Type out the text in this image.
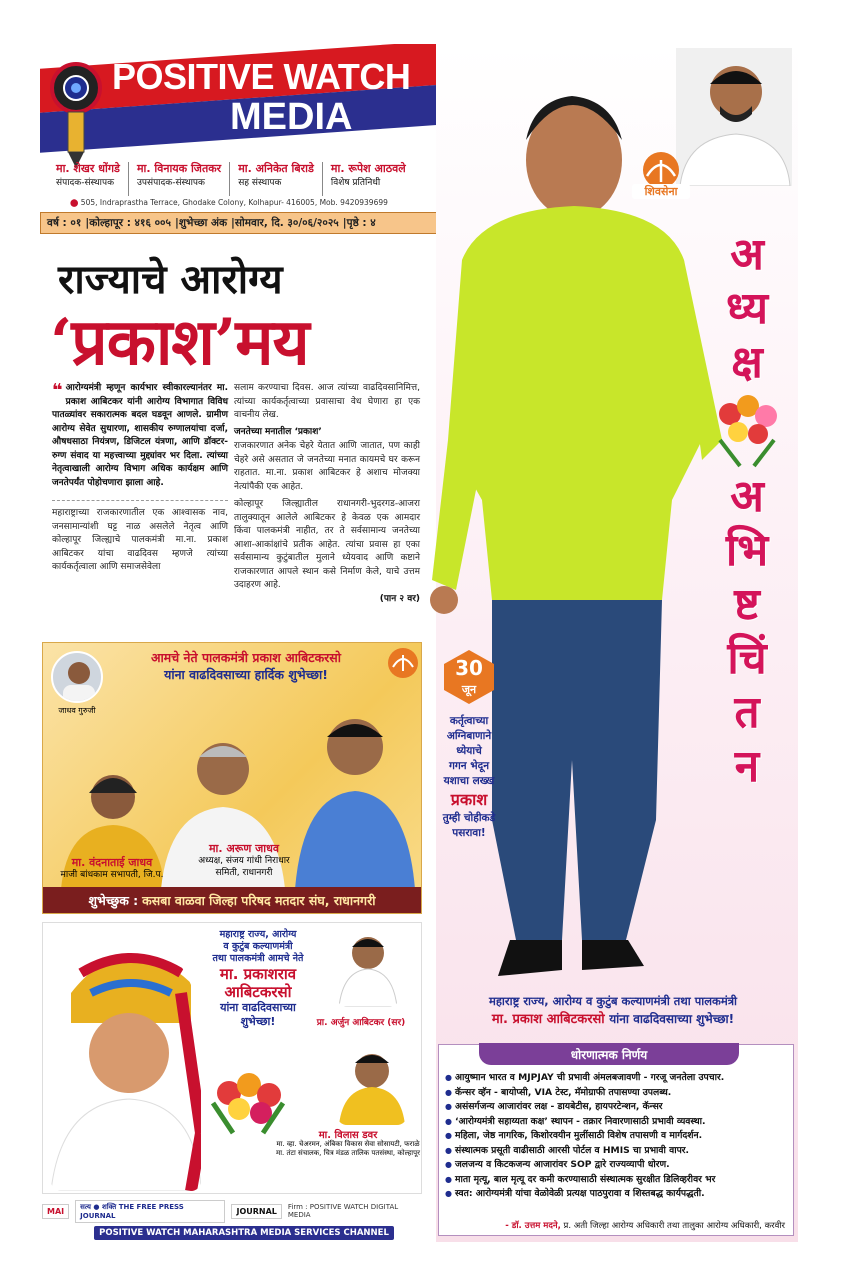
POSITIVE WATCH
MEDIA
मा. शेखर धोंगडे
संपादक-संस्थापक
मा. विनायक जितकर
उपसंपादक-संस्थापक
मा. अनिकेत बिराडे
सह संस्थापक
मा. रूपेश आठवले
विशेष प्रतिनिधी
⬤ 505, Indraprastha Terrace, Ghodake Colony, Kolhapur- 416005, Mob. 9420939699
वर्ष : ०१ | कोल्हापूर : ४१६ ००५ | शुभेच्छा अंक | सोमवार, दि. ३०/०६/२०२५ | पृष्ठे : ४
राज्याचे आरोग्य
‘प्रकाश’मय
❝ आरोग्यमंत्री म्हणून कार्यभार स्वीकारल्यानंतर मा. प्रकाश आबिटकर यांनी आरोग्य विभागात विविध पातळ्यांवर सकारात्मक बदल घडवून आणले. ग्रामीण आरोग्य सेवेत सुधारणा, शासकीय रुग्णालयांचा दर्जा, औषधसाठा नियंत्रण, डिजिटल यंत्रणा, आणि डॉक्टर-रुग्ण संवाद या महत्त्वाच्या मुद्द्यांवर भर दिला. त्यांच्या नेतृत्वाखाली आरोग्य विभाग अधिक कार्यक्षम आणि जनतेपर्यंत पोहोचणारा झाला आहे.
महाराष्ट्राच्या राजकारणातील एक आश्वासक नाव, जनसामान्यांशी घट्ट नाळ असलेले नेतृत्व आणि कोल्हापूर जिल्ह्याचे पालकमंत्री मा.ना. प्रकाश आबिटकर यांचा वाढदिवस म्हणजे त्यांच्या कार्यकर्तृत्वाला आणि समाजसेवेला
सलाम करण्याचा दिवस. आज त्यांच्या वाढदिवसानिमित्त, त्यांच्या कार्यकर्तृत्वाच्या प्रवासाचा वेध घेणारा हा एक वाचनीय लेख.
जनतेच्या मनातील ‘प्रकाश’
राजकारणात अनेक चेहरे येतात आणि जातात, पण काही चेहरे असे असतात जे जनतेच्या मनात कायमचे घर करून राहतात. मा.ना. प्रकाश आबिटकर हे अशाच मोजक्या नेत्यांपैकी एक आहेत.
कोल्हापूर जिल्ह्यातील राधानगरी-भुदरगड-आजरा तालुक्यातून आलेले आबिटकर हे केवळ एक आमदार किंवा पालकमंत्री नाहीत, तर ते सर्वसामान्य जनतेच्या आशा-आकांक्षांचे प्रतीक आहेत. त्यांचा प्रवास हा एका सर्वसामान्य कुटुंबातील मुलाने ध्येयवाद आणि कष्टाने राजकारणात आपले स्थान कसे निर्माण केले, याचे उत्तम उदाहरण आहे.
(पान २ वर)
आमचे नेते पालकमंत्री प्रकाश आबिटकरसो
यांना वाढदिवसाच्या हार्दिक शुभेच्छा!
जाधव गुरुजी
मा. वंदनाताई जाधव
माजी बांधकाम सभापती, जि.प.
मा. अरूण जाधव
अध्यक्ष, संजय गांधी निराधार
समिती, राधानगरी
शुभेच्छुक : कसबा वाळवा जिल्हा परिषद मतदार संघ, राधानगरी
महाराष्ट्र राज्य, आरोग्य
व कुटुंब कल्याणमंत्री
तथा पालकमंत्री आमचे नेते
मा. प्रकाशराव
आबिटकरसो
यांना वाढदिवसाच्या
शुभेच्छा!	प्रा. अर्जुन आबिटकर (सर)
मा. विलास डवर
मा. व्हा. चेअरमन, अंबिका विकास सेवा सोसायटी, फराळे
मा. तंटा संचालक, चित्र मंडळ तालिक पतसंस्था, कोल्हापूर
MAI	सत्य ● शक्ति THE FREE PRESS JOURNAL	JOURNAL	Firm : POSITIVE WATCH DIGITAL MEDIA
POSITIVE WATCH MAHARASHTRA MEDIA SERVICES CHANNEL
शिवसेना
अ
ध्य
क्ष
अ
भि
ष्ट
चिं
त
न
30
जून
कर्तृत्वाच्या
अग्निबाणाने
ध्येयाचे
गगन भेदून
यशाचा लख्ख
प्रकाश
तुम्ही चोहीकडे
पसरावा!
महाराष्ट्र राज्य, आरोग्य व कुटुंब कल्याणमंत्री तथा पालकमंत्री
मा. प्रकाश आबिटकरसो यांना वाढदिवसाच्या शुभेच्छा!
धोरणात्मक निर्णय
● आयुष्मान भारत व MJPJAY ची प्रभावी अंमलबजावणी - गरजू जनतेला उपचार.
● कॅन्सर व्हॅन - बायोप्सी, VIA टेस्ट, मॅमोग्राफी तपासण्या उपलब्ध.
● असंसर्गजन्य आजारांवर लक्ष - डायबेटीस, हायपरटेन्शन, कॅन्सर
● ‘आरोग्यमंत्री सहाय्यता कक्ष’ स्थापन - तक्रार निवारणासाठी प्रभावी व्यवस्था.
● महिला, जेष्ठ नागरिक, किशोरवयीन मुलींसाठी विशेष तपासणी व मार्गदर्शन.
● संस्थात्मक प्रसूती वाढीसाठी आरसी पोर्टल व HMIS चा प्रभावी वापर.
● जलजन्य व किटकजन्य आजारांवर SOP द्वारे राज्यव्यापी धोरण.
● माता मृत्यू, बाल मृत्यू दर कमी करण्यासाठी संस्थात्मक सुरक्षीत डिलिव्हरीवर भर
● स्वत: आरोग्यमंत्री यांचा वेळोवेळी प्रत्यक्ष पाठपुरावा व शिस्तबद्ध कार्यपद्धती.
- डॉ. उत्तम मदने, प्र. अती जिल्हा आरोग्य अधिकारी तथा तालुका आरोग्य अधिकारी, करवीर
